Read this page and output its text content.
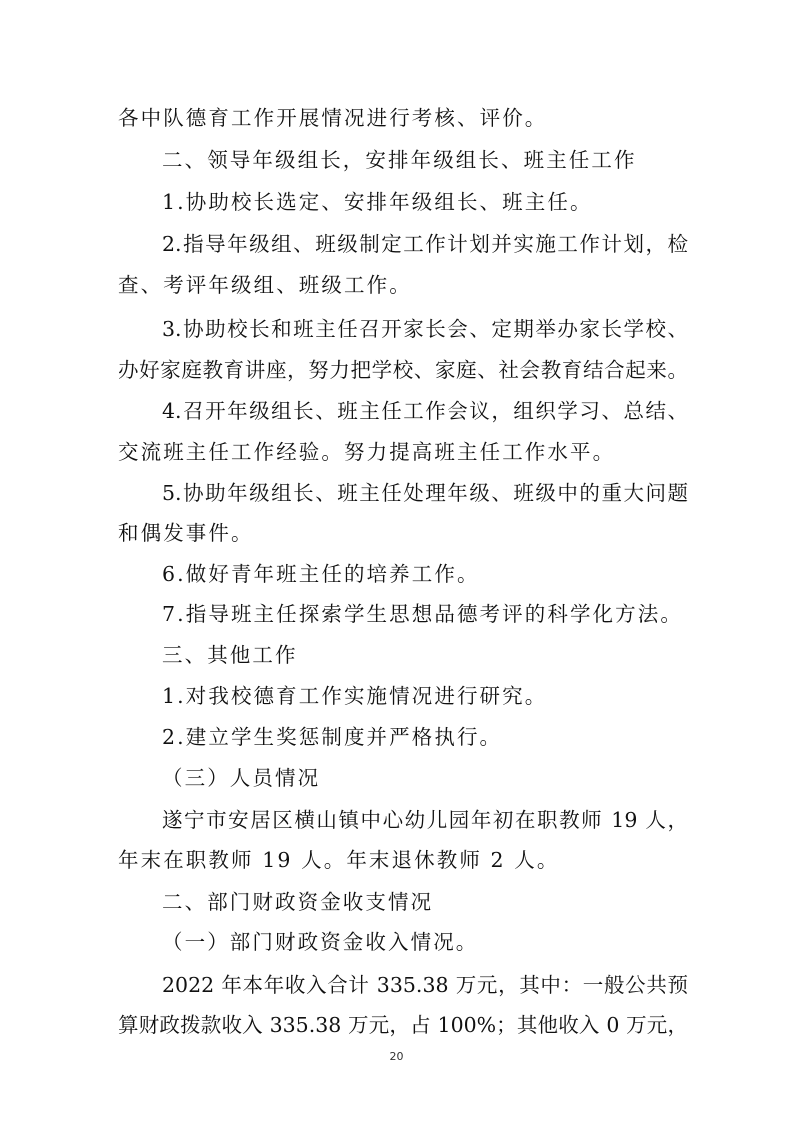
各中队德育工作开展情况进行考核、评价。
二、领导年级组长，安排年级组长、班主任工作
1.协助校长选定、安排年级组长、班主任。
2.指导年级组、班级制定工作计划并实施工作计划，检
查、考评年级组、班级工作。
3.协助校长和班主任召开家长会、定期举办家长学校、
办好家庭教育讲座，努力把学校、家庭、社会教育结合起来。
4.召开年级组长、班主任工作会议，组织学习、总结、
交流班主任工作经验。努力提高班主任工作水平。
5.协助年级组长、班主任处理年级、班级中的重大问题
和偶发事件。
6.做好青年班主任的培养工作。
7.指导班主任探索学生思想品德考评的科学化方法。
三、其他工作
1.对我校德育工作实施情况进行研究。
2.建立学生奖惩制度并严格执行。
（三）人员情况
遂宁市安居区横山镇中心幼儿园年初在职教师 19 人，
年末在职教师 19 人。年末退休教师 2 人。
二、部门财政资金收支情况
（一）部门财政资金收入情况。
2022 年本年收入合计 335.38 万元，其中：一般公共预
算财政拨款收入 335.38 万元，占 100%；其他收入 0 万元，
20
